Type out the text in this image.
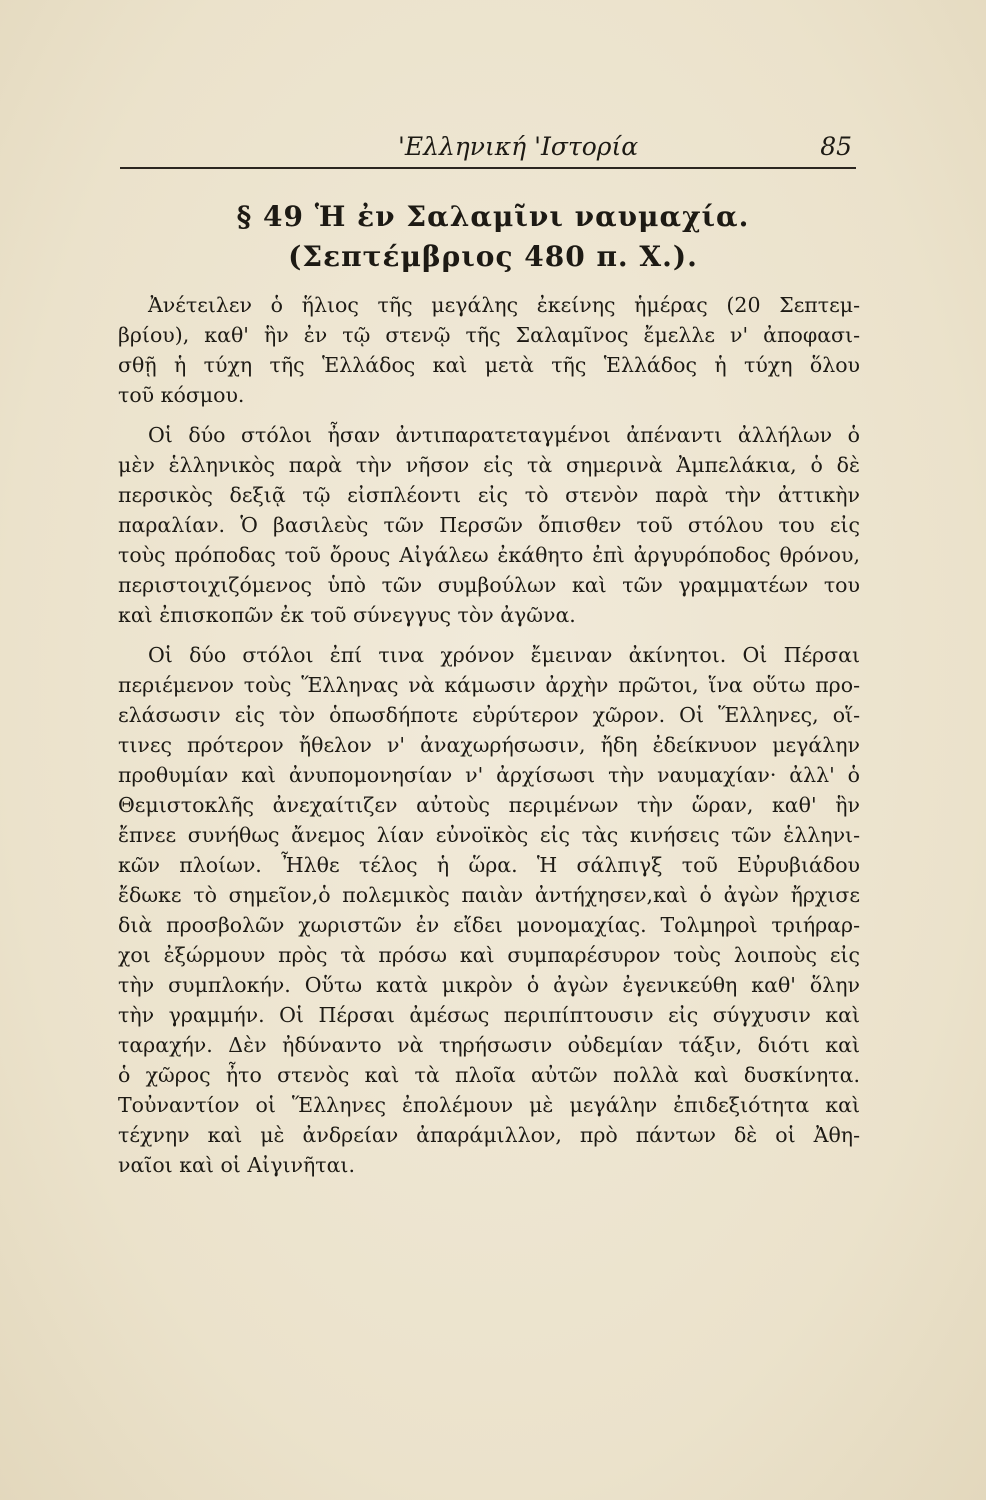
'Ελληνική 'Ιστορία	85
§ 49 Ἡ ἐν Σαλαμῖνι ναυμαχία.
(Σεπτέμβριος 480 π. Χ.).
Ἀνέτειλεν ὁ ἥλιος τῆς μεγάλης ἐκείνης ἡμέρας (20 Σεπτεμ-
βρίου), καθ' ἣν ἐν τῷ στενῷ τῆς Σαλαμῖνος ἔμελλε ν' ἀποφασι-
σθῇ ἡ τύχη τῆς Ἑλλάδος καὶ μετὰ τῆς Ἑλλάδος ἡ τύχη ὅλου
τοῦ κόσμου.
Οἱ δύο στόλοι ἦσαν ἀντιπαρατεταγμένοι ἀπέναντι ἀλλήλων ὁ
μὲν ἑλληνικὸς παρὰ τὴν νῆσον εἰς τὰ σημερινὰ Ἀμπελάκια, ὁ δὲ
περσικὸς δεξιᾷ τῷ εἰσπλέοντι εἰς τὸ στενὸν παρὰ τὴν ἀττικὴν
παραλίαν. Ὁ βασιλεὺς τῶν Περσῶν ὄπισθεν τοῦ στόλου του εἰς
τοὺς πρόποδας τοῦ ὄρους Αἰγάλεω ἐκάθητο ἐπὶ ἀργυρόποδος θρόνου,
περιστοιχιζόμενος ὑπὸ τῶν συμβούλων καὶ τῶν γραμματέων του
καὶ ἐπισκοπῶν ἐκ τοῦ σύνεγγυς τὸν ἀγῶνα.
Οἱ δύο στόλοι ἐπί τινα χρόνον ἔμειναν ἀκίνητοι. Οἱ Πέρσαι
περιέμενον τοὺς Ἕλληνας νὰ κάμωσιν ἀρχὴν πρῶτοι, ἵνα οὕτω προ-
ελάσωσιν εἰς τὸν ὁπωσδήποτε εὐρύτερον χῶρον. Οἱ Ἕλληνες, οἵ-
τινες πρότερον ἤθελον ν' ἀναχωρήσωσιν, ἤδη ἐδείκνυον μεγάλην
προθυμίαν καὶ ἀνυπομονησίαν ν' ἀρχίσωσι τὴν ναυμαχίαν· ἀλλ' ὁ
Θεμιστοκλῆς ἀνεχαίτιζεν αὐτοὺς περιμένων τὴν ὥραν, καθ' ἣν
ἔπνεε συνήθως ἄνεμος λίαν εὐνοϊκὸς εἰς τὰς κινήσεις τῶν ἑλληνι-
κῶν πλοίων. Ἦλθε τέλος ἡ ὥρα. Ἡ σάλπιγξ τοῦ Εὐρυβιάδου
ἔδωκε τὸ σημεῖον,ὁ πολεμικὸς παιὰν ἀντήχησεν,καὶ ὁ ἀγὼν ἤρχισε
διὰ προσβολῶν χωριστῶν ἐν εἴδει μονομαχίας. Τολμηροὶ τριήραρ-
χοι ἐξώρμουν πρὸς τὰ πρόσω καὶ συμπαρέσυρον τοὺς λοιποὺς εἰς
τὴν συμπλοκήν. Οὕτω κατὰ μικρὸν ὁ ἀγὼν ἐγενικεύθη καθ' ὅλην
τὴν γραμμήν. Οἱ Πέρσαι ἀμέσως περιπίπτουσιν εἰς σύγχυσιν καὶ
ταραχήν. Δὲν ἠδύναντο νὰ τηρήσωσιν οὐδεμίαν τάξιν, διότι καὶ
ὁ χῶρος ἦτο στενὸς καὶ τὰ πλοῖα αὐτῶν πολλὰ καὶ δυσκίνητα.
Τοὐναντίον οἱ Ἕλληνες ἐπολέμουν μὲ μεγάλην ἐπιδεξιότητα καὶ
τέχνην καὶ μὲ ἀνδρείαν ἀπαράμιλλον, πρὸ πάντων δὲ οἱ Ἀθη-
ναῖοι καὶ οἱ Αἰγινῆται.
